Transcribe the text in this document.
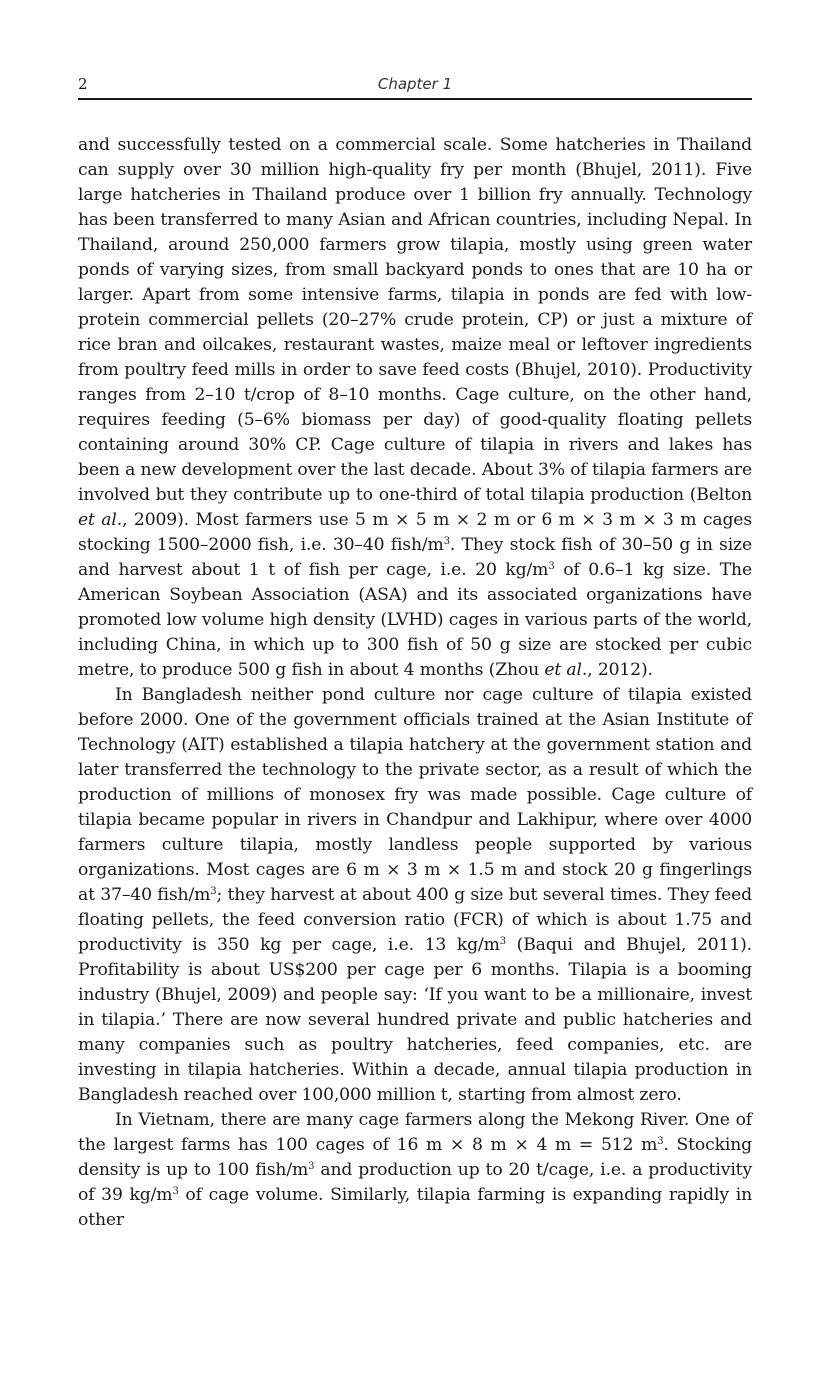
2	Chapter 1

and successfully tested on a commercial scale. Some hatcheries in Thailand can supply over 30 million high-quality fry per month (Bhujel, 2011). Five large hatcheries in Thailand produce over 1 billion fry annually. Technology has been transferred to many Asian and African countries, including Nepal. In Thailand, around 250,000 farmers grow tilapia, mostly using green water ponds of varying sizes, from small backyard ponds to ones that are 10 ha or larger. Apart from some intensive farms, tilapia in ponds are fed with low-protein commercial pellets (20–27% crude protein, CP) or just a mixture of rice bran and oilcakes, restaurant wastes, maize meal or leftover ingredients from poultry feed mills in order to save feed costs (Bhujel, 2010). Productivity ranges from 2–10 t/crop of 8–10 months. Cage culture, on the other hand, requires feeding (5–6% biomass per day) of good-quality floating pellets containing around 30% CP. Cage culture of tilapia in rivers and lakes has been a new development over the last decade. About 3% of tilapia farmers are involved but they contribute up to one-third of total tilapia production (Belton et al., 2009). Most farmers use 5 m × 5 m × 2 m or 6 m × 3 m × 3 m cages stocking 1500–2000 fish, i.e. 30–40 fish/$m^3$. They stock fish of 30–50 g in size and harvest about 1 t of fish per cage, i.e. 20 $kg/m^3$ of 0.6–1 kg size. The American Soybean Association (ASA) and its associated organizations have promoted low volume high density (LVHD) cages in various parts of the world, including China, in which up to 300 fish of 50 g size are stocked per cubic metre, to produce 500 g fish in about 4 months (Zhou et al., 2012).

In Bangladesh neither pond culture nor cage culture of tilapia existed before 2000. One of the government officials trained at the Asian Institute of Technology (AIT) established a tilapia hatchery at the government station and later transferred the technology to the private sector, as a result of which the production of millions of monosex fry was made possible. Cage culture of tilapia became popular in rivers in Chandpur and Lakhipur, where over 4000 farmers culture tilapia, mostly landless people supported by various organizations. Most cages are 6 m × 3 m × 1.5 m and stock 20 g fingerlings at 37–40 fish/$m^3$; they harvest at about 400 g size but several times. They feed floating pellets, the feed conversion ratio (FCR) of which is about 1.75 and productivity is 350 kg per cage, i.e. 13 $kg/m^3$ (Baqui and Bhujel, 2011). Profitability is about US$200 per cage per 6 months. Tilapia is a booming industry (Bhujel, 2009) and people say: ‘If you want to be a millionaire, invest in tilapia.’ There are now several hundred private and public hatcheries and many companies such as poultry hatcheries, feed companies, etc. are investing in tilapia hatcheries. Within a decade, annual tilapia production in Bangladesh reached over 100,000 million t, starting from almost zero.

In Vietnam, there are many cage farmers along the Mekong River. One of the largest farms has 100 cages of 16 m × 8 m × 4 m = 512 $m^3$. Stocking density is up to 100 fish/$m^3$ and production up to 20 t/cage, i.e. a productivity of 39 $kg/m^3$ of cage volume. Similarly, tilapia farming is expanding rapidly in other
